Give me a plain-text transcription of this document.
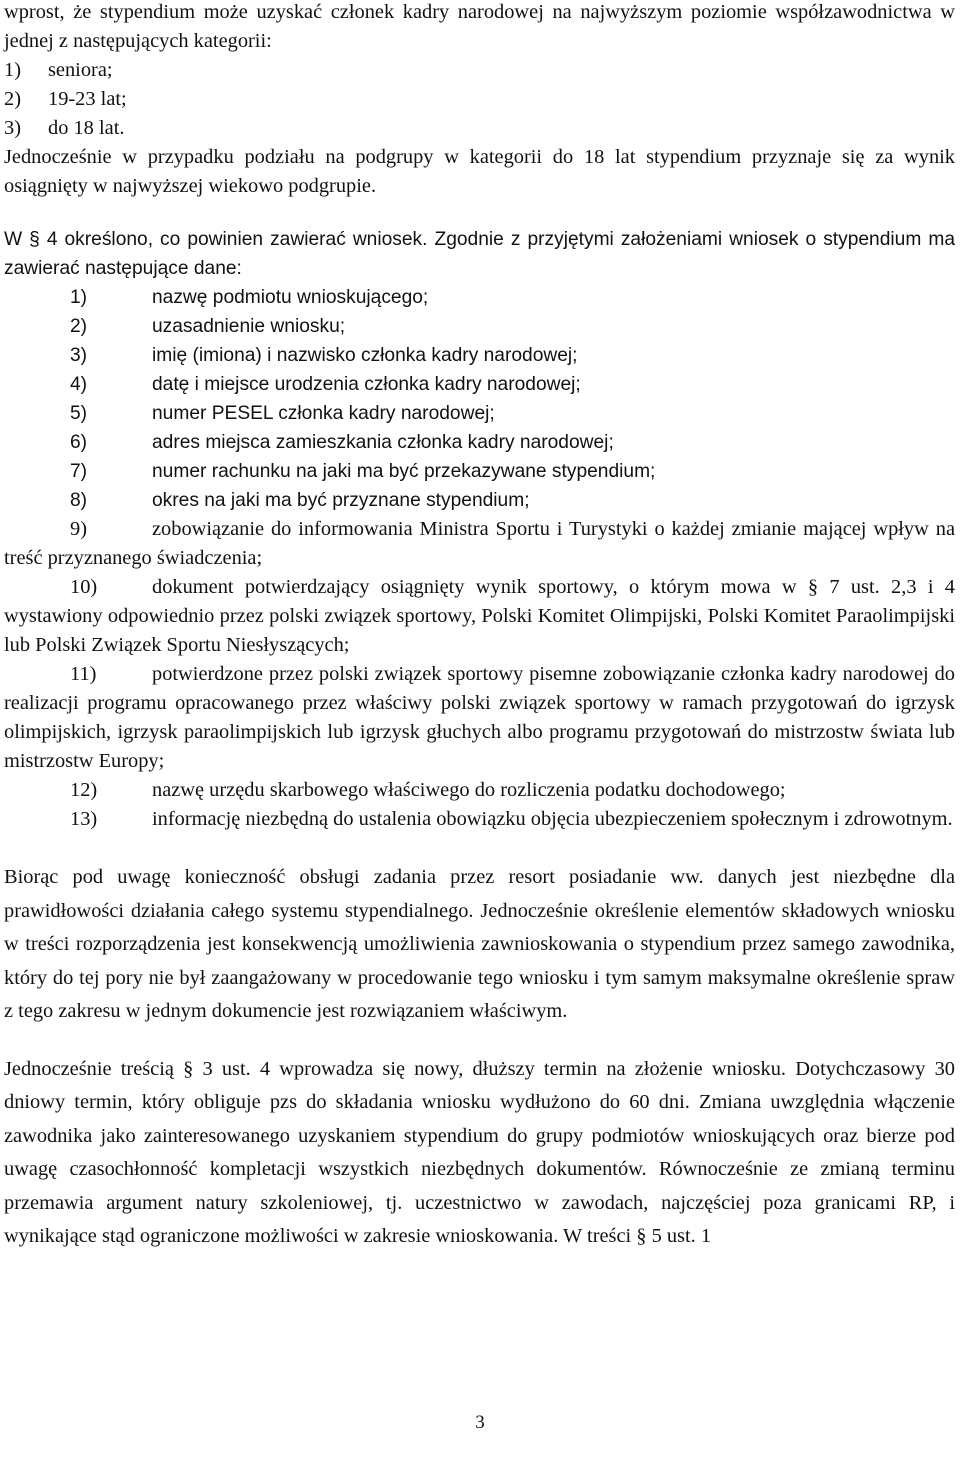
wprost, że stypendium może uzyskać członek kadry narodowej na najwyższym poziomie współzawodnictwa w jednej z następujących kategorii:

1) seniora;
2) 19-23 lat;
3) do 18 lat.

Jednocześnie w przypadku podziału na podgrupy w kategorii do 18 lat stypendium przyznaje się za wynik osiągnięty w najwyższej wiekowo podgrupie.

W § 4 określono, co powinien zawierać wniosek. Zgodnie z przyjętymi założeniami wniosek o stypendium ma zawierać następujące dane:

1)	nazwę podmiotu wnioskującego;
2)	uzasadnienie wniosku;
3)	imię (imiona) i nazwisko członka kadry narodowej;
4)	datę i miejsce urodzenia członka kadry narodowej;
5)	numer PESEL członka kadry narodowej;
6)	adres miejsca zamieszkania członka kadry narodowej;
7)	numer rachunku na jaki ma być przekazywane stypendium;
8)	okres na jaki ma być przyznane stypendium;
9)	zobowiązanie do informowania Ministra Sportu i Turystyki o każdej zmianie mającej wpływ na treść przyznanego świadczenia;
10)	dokument potwierdzający osiągnięty wynik sportowy, o którym mowa w § 7 ust. 2,3 i 4 wystawiony odpowiednio przez polski związek sportowy, Polski Komitet Olimpijski, Polski Komitet Paraolimpijski lub Polski Związek Sportu Niesłyszących;
11)	potwierdzone przez polski związek sportowy pisemne zobowiązanie członka kadry narodowej do realizacji programu opracowanego przez właściwy polski związek sportowy w ramach przygotowań do igrzysk olimpijskich, igrzysk paraolimpijskich lub igrzysk głuchych albo programu przygotowań do mistrzostw świata lub mistrzostw Europy;
12)	nazwę urzędu skarbowego właściwego do rozliczenia podatku dochodowego;
13)	informację niezbędną do ustalenia obowiązku objęcia ubezpieczeniem społecznym i zdrowotnym.

Biorąc pod uwagę konieczność obsługi zadania przez resort posiadanie ww. danych jest niezbędne dla prawidłowości działania całego systemu stypendialnego. Jednocześnie określenie elementów składowych wniosku w treści rozporządzenia jest konsekwencją umożliwienia zawnioskowania o stypendium przez samego zawodnika, który do tej pory nie był zaangażowany w procedowanie tego wniosku i tym samym maksymalne określenie spraw z tego zakresu w jednym dokumencie jest rozwiązaniem właściwym.

Jednocześnie treścią § 3 ust. 4 wprowadza się nowy, dłuższy termin na złożenie wniosku. Dotychczasowy 30 dniowy termin, który obliguje pzs do składania wniosku wydłużono do 60 dni. Zmiana uwzględnia włączenie zawodnika jako zainteresowanego uzyskaniem stypendium do grupy podmiotów wnioskujących oraz bierze pod uwagę czasochłonność kompletacji wszystkich niezbędnych dokumentów. Równocześnie ze zmianą terminu przemawia argument natury szkoleniowej, tj. uczestnictwo w zawodach, najczęściej poza granicami RP, i wynikające stąd ograniczone możliwości w zakresie wnioskowania. W treści § 5 ust. 1

3
